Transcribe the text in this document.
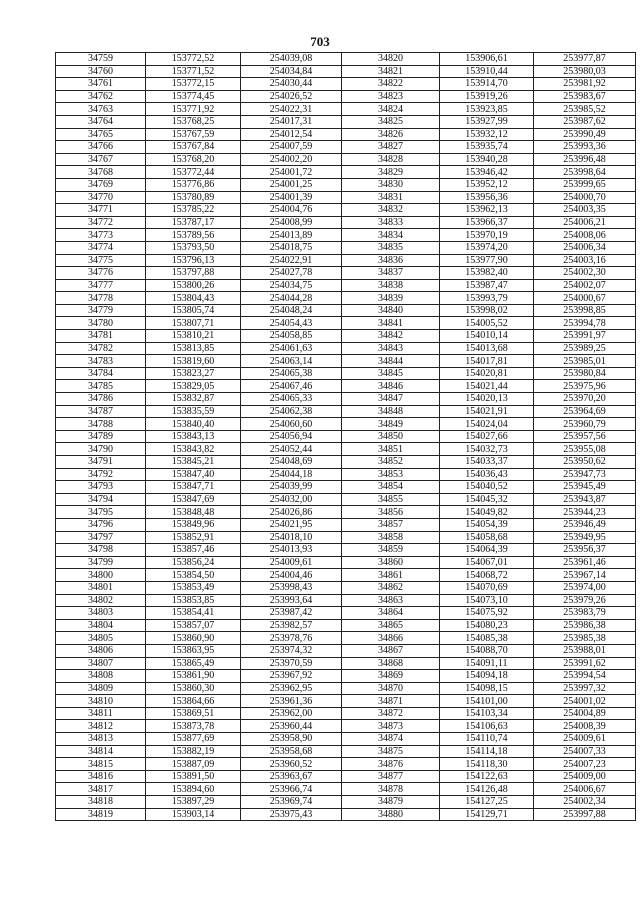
703
34759	153772,52	254039,08	34820	153906,61	253977,87
34760	153771,52	254034,84	34821	153910,44	253980,03
34761	153772,15	254030,44	34822	153914,70	253981,92
34762	153774,45	254026,52	34823	153919,26	253983,67
34763	153771,92	254022,31	34824	153923,85	253985,52
34764	153768,25	254017,31	34825	153927,99	253987,62
34765	153767,59	254012,54	34826	153932,12	253990,49
34766	153767,84	254007,59	34827	153935,74	253993,36
34767	153768,20	254002,20	34828	153940,28	253996,48
34768	153772,44	254001,72	34829	153946,42	253998,64
34769	153776,86	254001,25	34830	153952,12	253999,65
34770	153780,89	254001,39	34831	153956,36	254000,70
34771	153785,22	254004,76	34832	153962,13	254003,35
34772	153787,17	254008,99	34833	153966,37	254006,21
34773	153789,56	254013,89	34834	153970,19	254008,06
34774	153793,50	254018,75	34835	153974,20	254006,34
34775	153796,13	254022,91	34836	153977,90	254003,16
34776	153797,88	254027,78	34837	153982,40	254002,30
34777	153800,26	254034,75	34838	153987,47	254002,07
34778	153804,43	254044,28	34839	153993,79	254000,67
34779	153805,74	254048,24	34840	153998,02	253998,85
34780	153807,71	254054,43	34841	154005,52	253994,78
34781	153810,21	254058,85	34842	154010,14	253991,97
34782	153813,85	254061,63	34843	154013,68	253989,25
34783	153819,60	254063,14	34844	154017,81	253985,01
34784	153823,27	254065,38	34845	154020,81	253980,84
34785	153829,05	254067,46	34846	154021,44	253975,96
34786	153832,87	254065,33	34847	154020,13	253970,20
34787	153835,59	254062,38	34848	154021,91	253964,69
34788	153840,40	254060,60	34849	154024,04	253960,79
34789	153843,13	254056,94	34850	154027,66	253957,56
34790	153843,82	254052,44	34851	154032,73	253955,08
34791	153845,21	254048,69	34852	154033,37	253950,62
34792	153847,40	254044,18	34853	154036,43	253947,73
34793	153847,71	254039,99	34854	154040,52	253945,49
34794	153847,69	254032,00	34855	154045,32	253943,87
34795	153848,48	254026,86	34856	154049,82	253944,23
34796	153849,96	254021,95	34857	154054,39	253946,49
34797	153852,91	254018,10	34858	154058,68	253949,95
34798	153857,46	254013,93	34859	154064,39	253956,37
34799	153856,24	254009,61	34860	154067,01	253961,46
34800	153854,50	254004,46	34861	154068,72	253967,14
34801	153853,49	253998,43	34862	154070,69	253974,00
34802	153853,85	253993,64	34863	154073,10	253979,26
34803	153854,41	253987,42	34864	154075,92	253983,79
34804	153857,07	253982,57	34865	154080,23	253986,38
34805	153860,90	253978,76	34866	154085,38	253985,38
34806	153863,95	253974,32	34867	154088,70	253988,01
34807	153865,49	253970,59	34868	154091,11	253991,62
34808	153861,90	253967,92	34869	154094,18	253994,54
34809	153860,30	253962,95	34870	154098,15	253997,32
34810	153864,66	253961,36	34871	154101,00	254001,02
34811	153869,51	253962,00	34872	154103,34	254004,89
34812	153873,78	253960,44	34873	154106,63	254008,39
34813	153877,69	253958,90	34874	154110,74	254009,61
34814	153882,19	253958,68	34875	154114,18	254007,33
34815	153887,09	253960,52	34876	154118,30	254007,23
34816	153891,50	253963,67	34877	154122,63	254009,00
34817	153894,60	253966,74	34878	154126,48	254006,67
34818	153897,29	253969,74	34879	154127,25	254002,34
34819	153903,14	253975,43	34880	154129,71	253997,88
